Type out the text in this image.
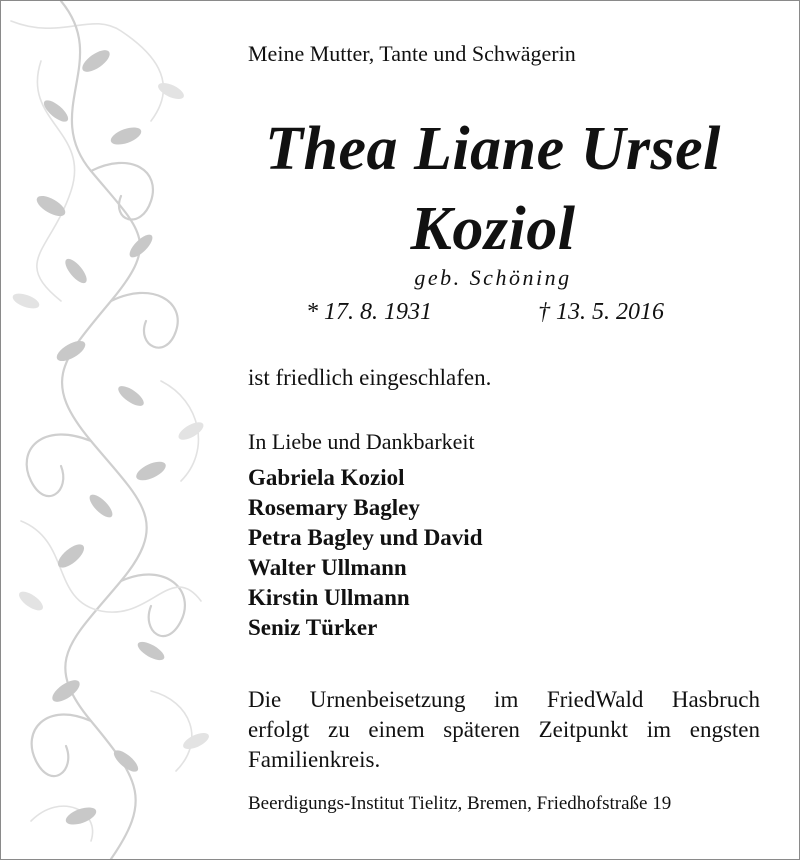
Meine Mutter, Tante und Schwägerin
Thea Liane Ursel
Koziol
geb. Schöning
* 17. 8. 1931	† 13. 5. 2016
ist friedlich eingeschlafen.
In Liebe und Dankbarkeit
Gabriela Koziol
Rosemary Bagley
Petra Bagley und David
Walter Ullmann
Kirstin Ullmann
Seniz Türker
Die Urnenbeisetzung im FriedWald Hasbruch
erfolgt zu einem späteren Zeitpunkt im engsten
Familienkreis.
Beerdigungs-Institut Tielitz, Bremen, Friedhofstraße 19
